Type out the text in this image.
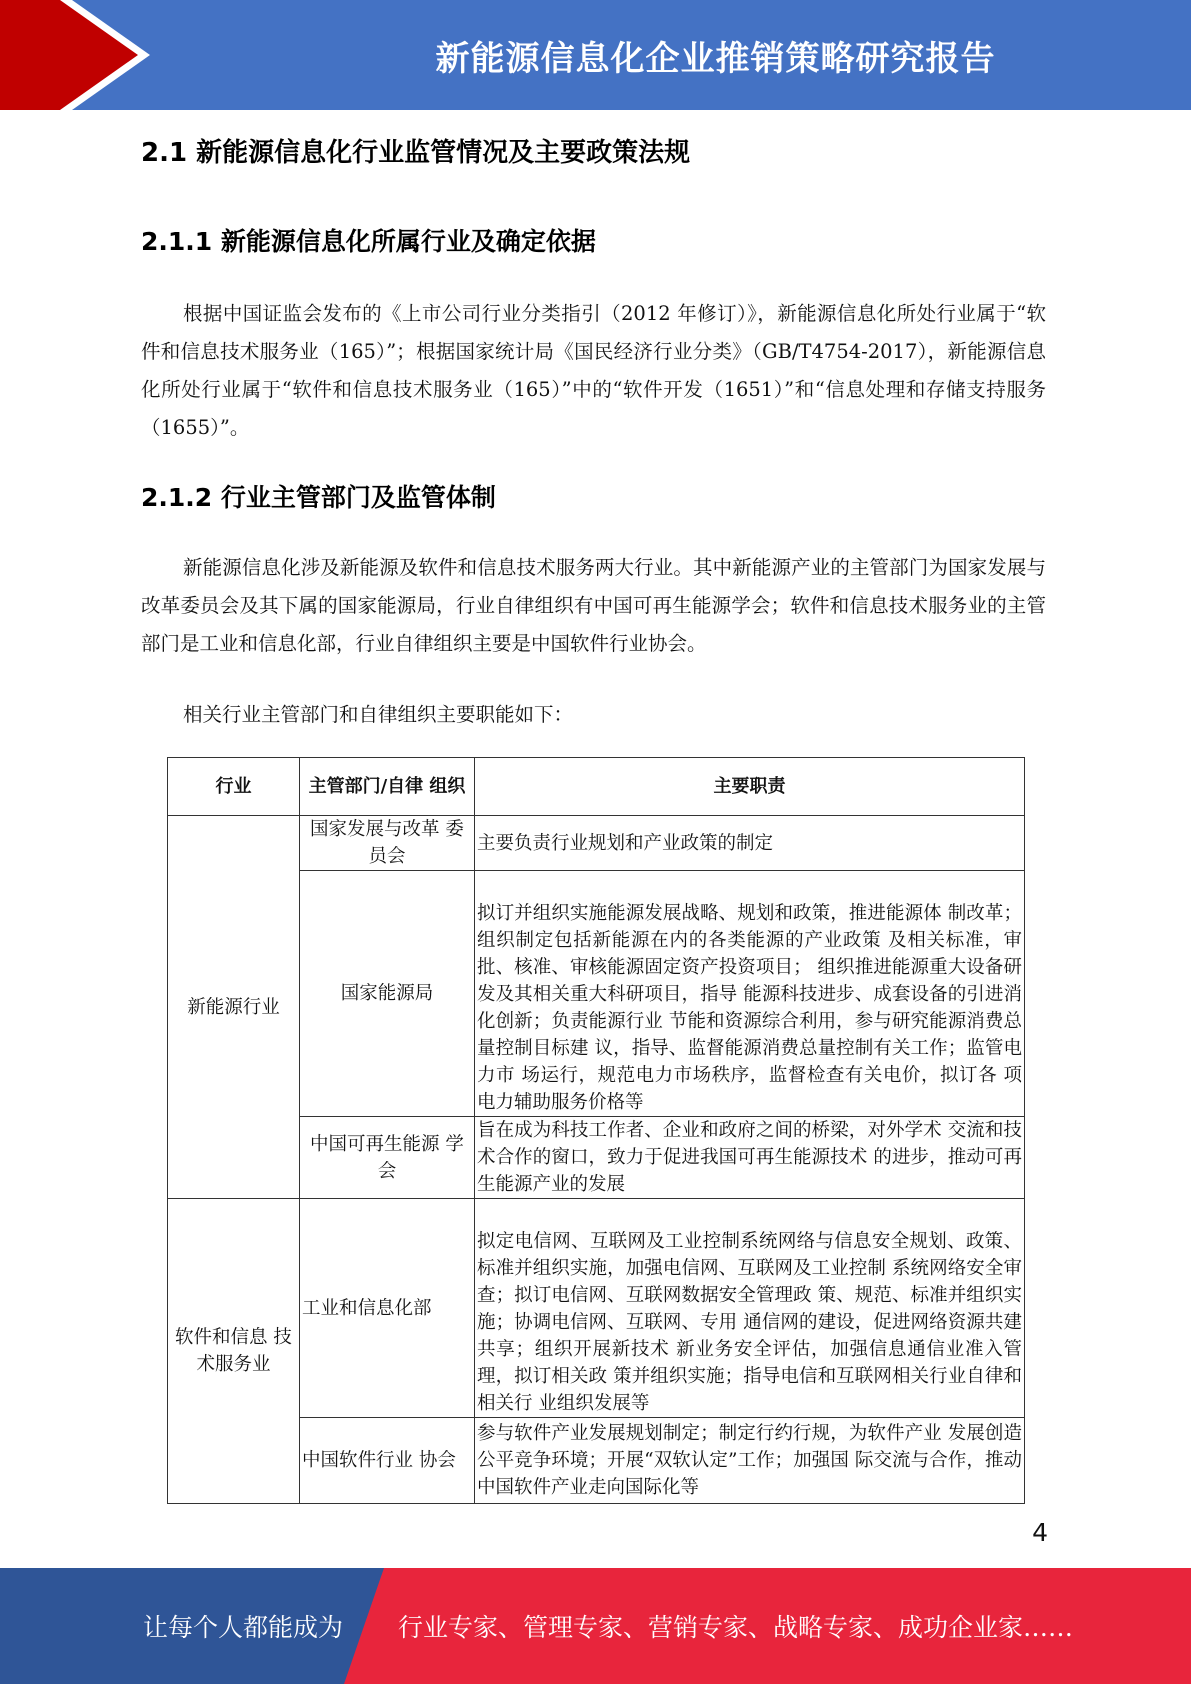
新能源信息化企业推销策略研究报告
2.1 新能源信息化行业监管情况及主要政策法规
2.1.1 新能源信息化所属行业及确定依据

根据中国证监会发布的《上市公司行业分类指引（2012 年修订）》，新能源信息化所处行业属于“软件和信息技术服务业（165）”；根据国家统计局《国民经济行业分类》（GB/T4754-2017），新能源信息化所处行业属于“软件和信息技术服务业（165）”中的“软件开发（1651）”和“信息处理和存储支持服务（1655）”。

2.1.2 行业主管部门及监管体制

新能源信息化涉及新能源及软件和信息技术服务两大行业。其中新能源产业的主管部门为国家发展与改革委员会及其下属的国家能源局，行业自律组织有中国可再生能源学会；软件和信息技术服务业的主管部门是工业和信息化部，行业自律组织主要是中国软件行业协会。

相关行业主管部门和自律组织主要职能如下：

行业	主管部门/自律 组织	主要职责
新能源行业	国家发展与改革 委员会	主要负责行业规划和产业政策的制定
	国家能源局	拟订并组织实施能源发展战略、规划和政策，推进能源体 制改革；组织制定包括新能源在内的各类能源的产业政策 及相关标准，审批、核准、审核能源固定资产投资项目； 组织推进能源重大设备研发及其相关重大科研项目，指导 能源科技进步、成套设备的引进消化创新；负责能源行业 节能和资源综合利用，参与研究能源消费总量控制目标建 议，指导、监督能源消费总量控制有关工作；监管电力市 场运行，规范电力市场秩序，监督检查有关电价，拟订各 项电力辅助服务价格等
	中国可再生能源 学会	旨在成为科技工作者、企业和政府之间的桥梁，对外学术 交流和技术合作的窗口，致力于促进我国可再生能源技术 的进步，推动可再生能源产业的发展
软件和信息 技术服务业	工业和信息化部	拟定电信网、互联网及工业控制系统网络与信息安全规划、政策、标准并组织实施，加强电信网、互联网及工业控制 系统网络安全审查；拟订电信网、互联网数据安全管理政 策、规范、标准并组织实施；协调电信网、互联网、专用 通信网的建设，促进网络资源共建共享；组织开展新技术 新业务安全评估，加强信息通信业准入管理，拟订相关政 策并组织实施；指导电信和互联网相关行业自律和相关行 业组织发展等
	中国软件行业 协会	参与软件产业发展规划制定；制定行约行规，为软件产业 发展创造公平竞争环境；开展“双软认定”工作；加强国 际交流与合作，推动中国软件产业走向国际化等
4
让每个人都能成为 行业专家、管理专家、营销专家、战略专家、成功企业家……
